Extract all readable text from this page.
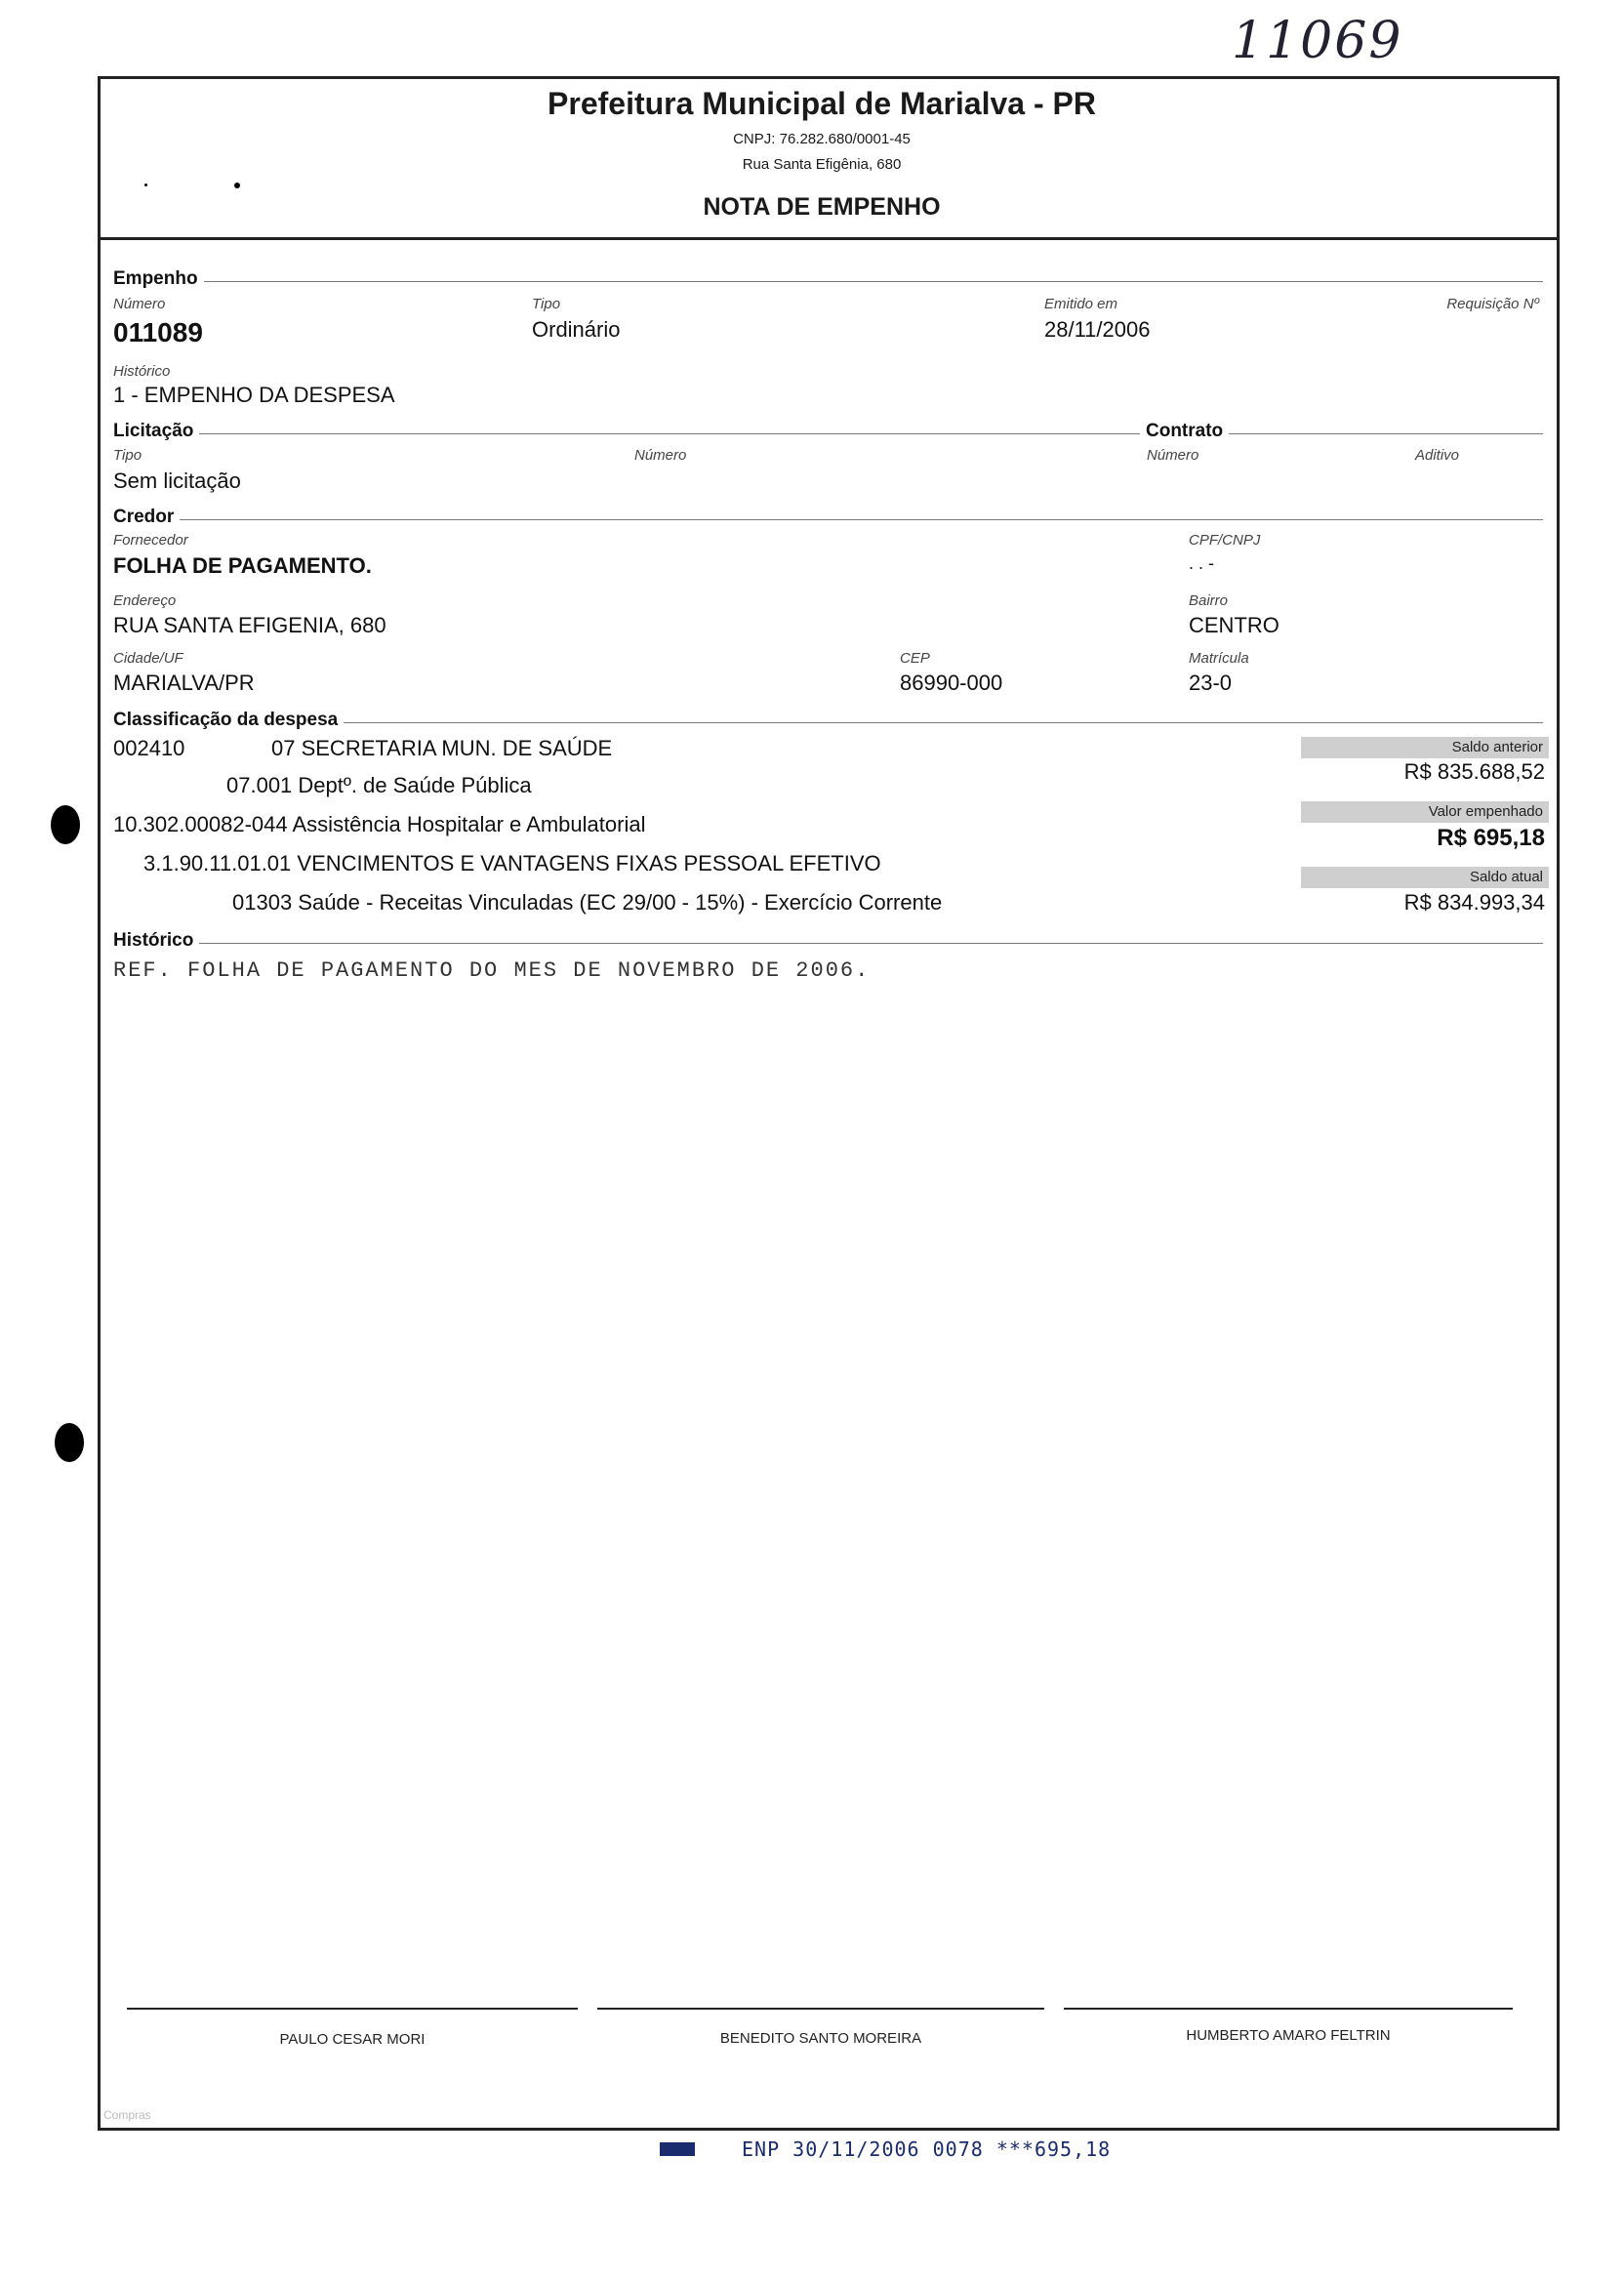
11069
Prefeitura Municipal de Marialva - PR
CNPJ: 76.282.680/0001-45
Rua Santa Efigênia, 680
NOTA DE EMPENHO
Empenho
Número
011089
Tipo
Ordinário
Emitido em
28/11/2006
Requisição Nº
Histórico
1 - EMPENHO DA DESPESA
Licitação	Contrato
Tipo
Sem licitação
Número	Número	Aditivo
Credor
Fornecedor
FOLHA DE PAGAMENTO.
CPF/CNPJ
. . -
Endereço
RUA SANTA EFIGENIA, 680
Bairro
CENTRO
Cidade/UF
MARIALVA/PR
CEP
86990-000
Matrícula
23-0
Classificação da despesa
002410	07 SECRETARIA MUN. DE SAÚDE
07.001 Deptº. de Saúde Pública
10.302.00082-044 Assistência Hospitalar e Ambulatorial
3.1.90.11.01.01 VENCIMENTOS E VANTAGENS FIXAS PESSOAL EFETIVO
01303 Saúde - Receitas Vinculadas (EC 29/00 - 15%) - Exercício Corrente
Saldo anterior
R$ 835.688,52
Valor empenhado
R$ 695,18
Saldo atual
R$ 834.993,34
Histórico
REF. FOLHA DE PAGAMENTO DO MES DE NOVEMBRO DE 2006.
PAULO CESAR MORI	BENEDITO SANTO MOREIRA	HUMBERTO AMARO FELTRIN
Compras
ENP 30/11/2006 0078 ***695,18
